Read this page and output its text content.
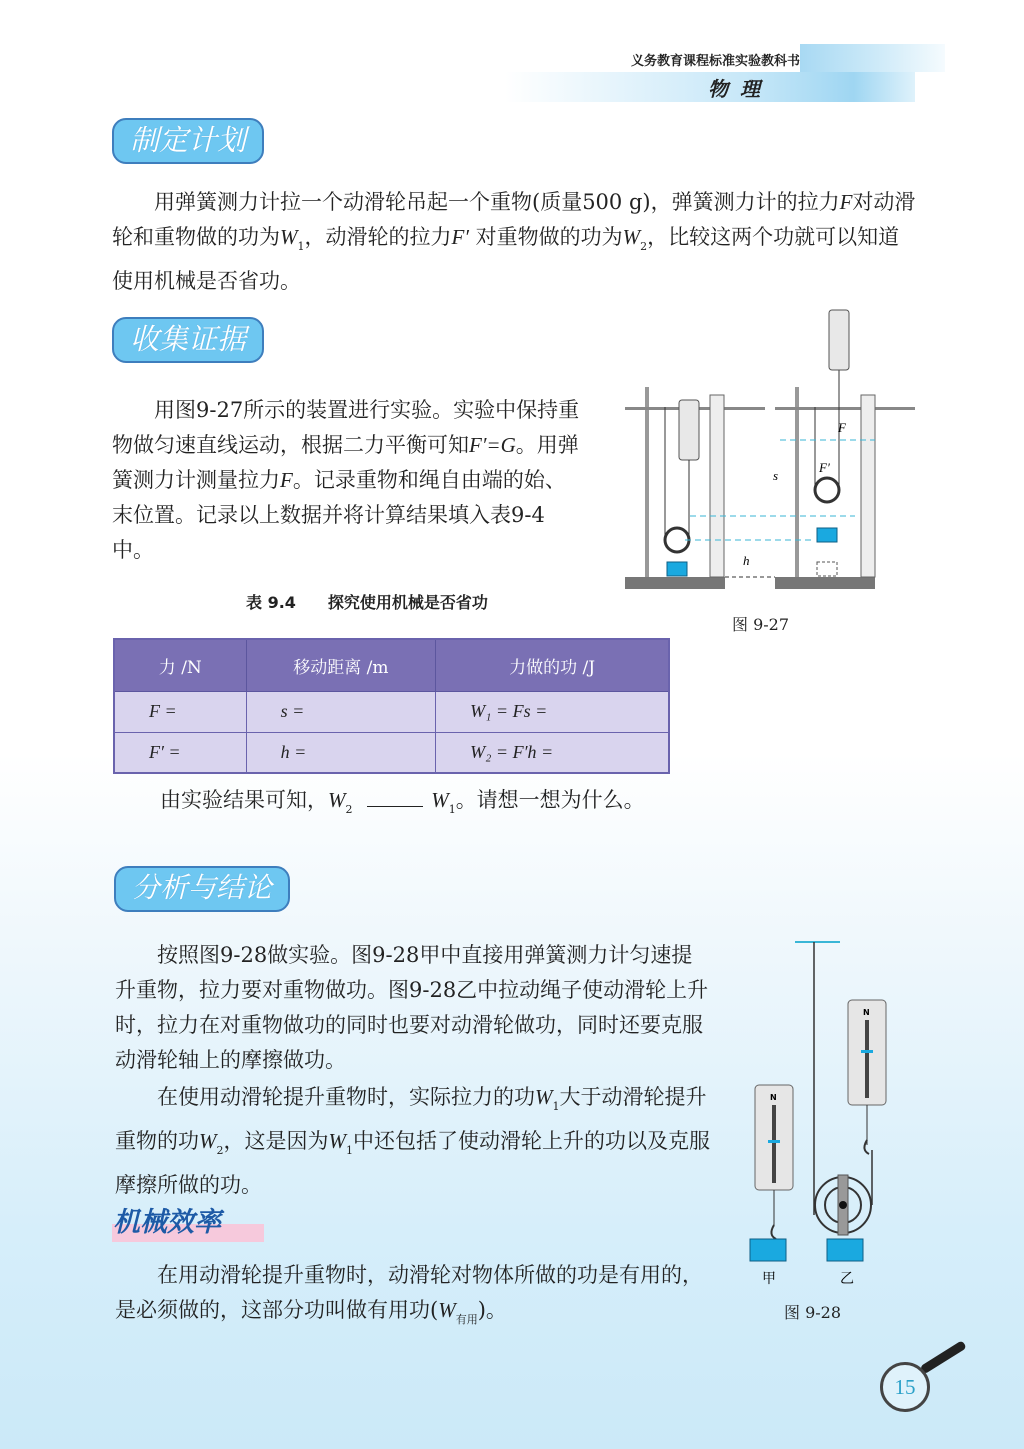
义务教育课程标准实验教科书
物理
制定计划
用弹簧测力计拉一个动滑轮吊起一个重物(质量500 g)，弹簧测力计的拉力F对动滑轮和重物做的功为$W_1$，动滑轮的拉力F′ 对重物做的功为$W_2$，比较这两个功就可以知道使用机械是否省功。
收集证据
用图9-27所示的装置进行实验。实验中保持重物做匀速直线运动，根据二力平衡可知F′=G。用弹簧测力计测量拉力F。记录重物和绳自由端的始、末位置。记录以上数据并将计算结果填入表9-4中。
表 9.4　　探究使用机械是否省功
F
F′
s
h
图 9-27
力 /N	移动距离 /m	力做的功 /J
F =	s =	W₁ = Fs =
F′ =	h =	W₂ = F′h =
由实验结果可知，$W_2$	$W_1$。请想一想为什么。
分析与结论
按照图9-28做实验。图9-28甲中直接用弹簧测力计匀速提升重物，拉力要对重物做功。图9-28乙中拉动绳子使动滑轮上升时，拉力在对重物做功的同时也要对动滑轮做功，同时还要克服动滑轮轴上的摩擦做功。
在使用动滑轮提升重物时，实际拉力的功$W_1$大于动滑轮提升重物的功$W_2$，这是因为$W_1$中还包括了使动滑轮上升的功以及克服摩擦所做的功。
N
N
甲	乙
图 9-28
机械效率
在用动滑轮提升重物时，动滑轮对物体所做的功是有用的，是必须做的，这部分功叫做有用功$(W_{有用})$。
15
